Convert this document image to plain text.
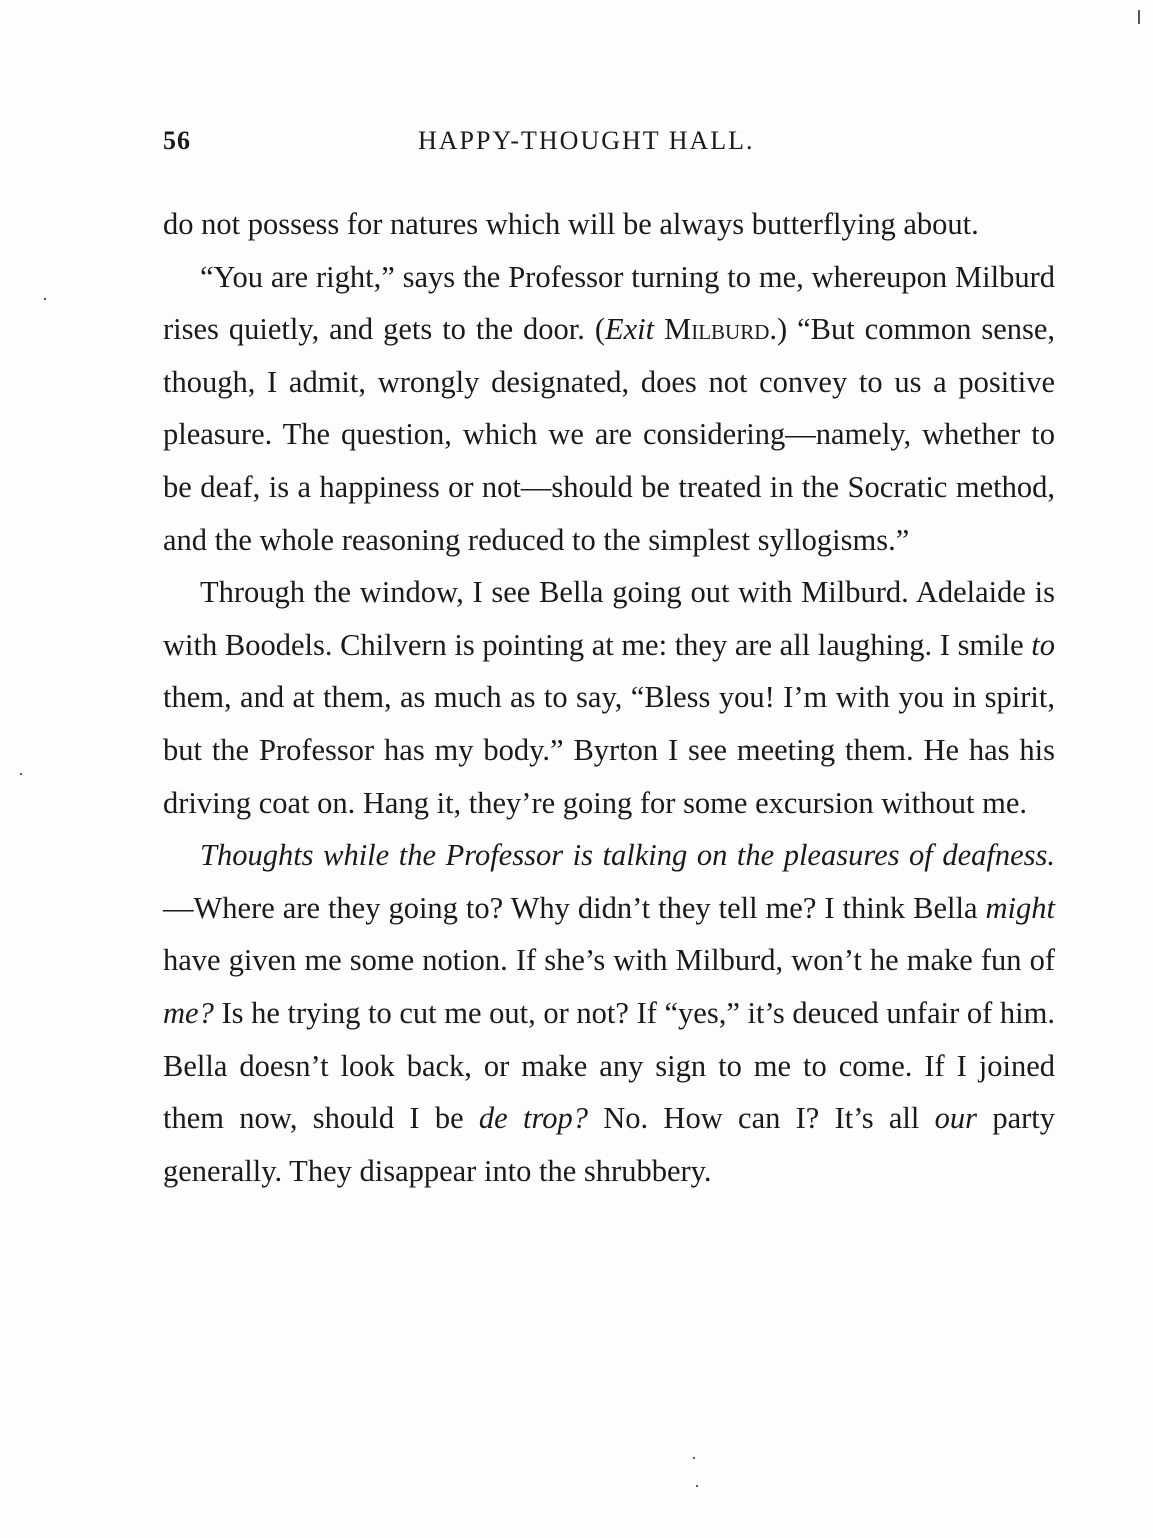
56	HAPPY-THOUGHT HALL.

do not possess for natures which will be always butterflying about.

“You are right,” says the Professor turning to me, whereupon Milburd rises quietly, and gets to the door. (Exit Milburd.) “But common sense, though, I admit, wrongly designated, does not convey to us a positive pleasure. The question, which we are considering—namely, whether to be deaf, is a happiness or not—should be treated in the Socratic method, and the whole reasoning reduced to the simplest syllogisms.”

Through the window, I see Bella going out with Milburd. Adelaide is with Boodels. Chilvern is pointing at me: they are all laughing. I smile to them, and at them, as much as to say, “Bless you! I’m with you in spirit, but the Professor has my body.” Byrton I see meeting them. He has his driving coat on. Hang it, they’re going for some excursion without me.

Thoughts while the Professor is talking on the pleasures of deafness.—Where are they going to? Why didn’t they tell me? I think Bella might have given me some notion. If she’s with Milburd, won’t he make fun of me? Is he trying to cut me out, or not? If “yes,” it’s deuced unfair of him. Bella doesn’t look back, or make any sign to me to come. If I joined them now, should I be de trop? No. How can I? It’s all our party generally. They disappear into the shrubbery.
